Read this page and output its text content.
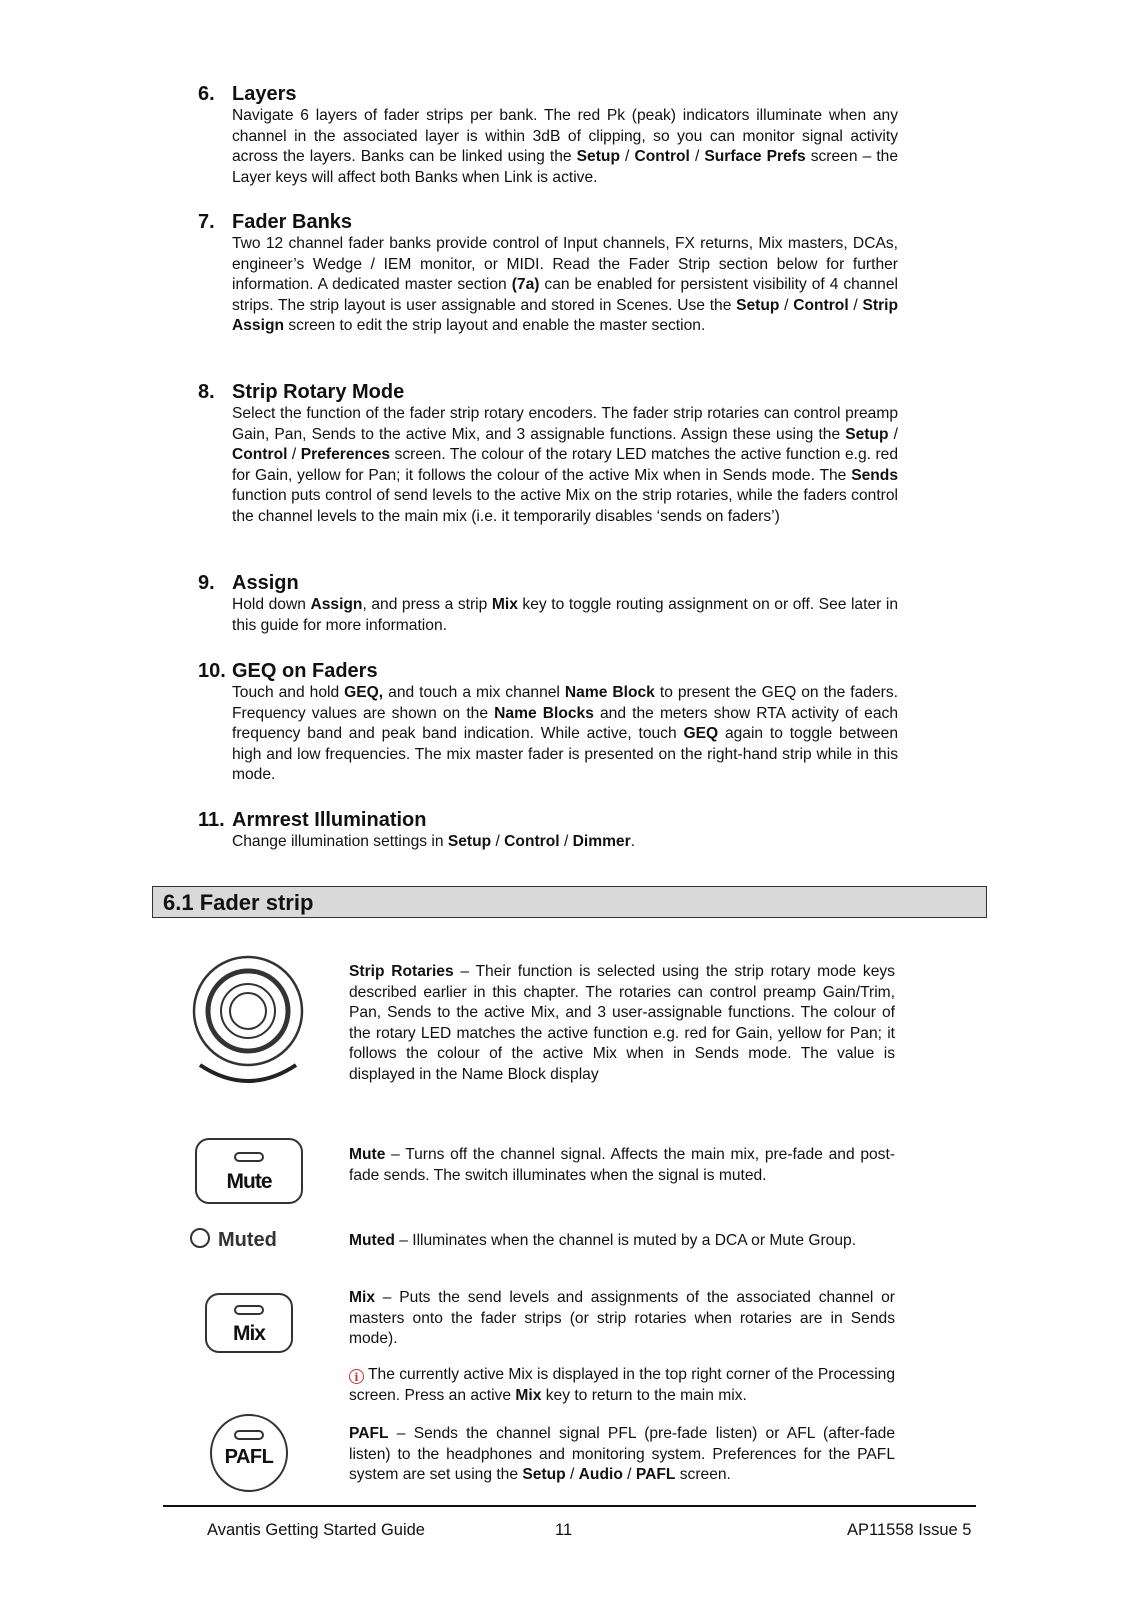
6. Layers
Navigate 6 layers of fader strips per bank. The red Pk (peak) indicators illuminate when any channel in the associated layer is within 3dB of clipping, so you can monitor signal activity across the layers. Banks can be linked using the Setup / Control / Surface Prefs screen – the Layer keys will affect both Banks when Link is active.
7. Fader Banks
Two 12 channel fader banks provide control of Input channels, FX returns, Mix masters, DCAs, engineer’s Wedge / IEM monitor, or MIDI. Read the Fader Strip section below for further information. A dedicated master section (7a) can be enabled for persistent visibility of 4 channel strips. The strip layout is user assignable and stored in Scenes. Use the Setup / Control / Strip Assign screen to edit the strip layout and enable the master section.
8. Strip Rotary Mode
Select the function of the fader strip rotary encoders. The fader strip rotaries can control preamp Gain, Pan, Sends to the active Mix, and 3 assignable functions. Assign these using the Setup / Control / Preferences screen. The colour of the rotary LED matches the active function e.g. red for Gain, yellow for Pan; it follows the colour of the active Mix when in Sends mode. The Sends function puts control of send levels to the active Mix on the strip rotaries, while the faders control the channel levels to the main mix (i.e. it temporarily disables ‘sends on faders’)
9. Assign
Hold down Assign, and press a strip Mix key to toggle routing assignment on or off. See later in this guide for more information.
10. GEQ on Faders
Touch and hold GEQ, and touch a mix channel Name Block to present the GEQ on the faders. Frequency values are shown on the Name Blocks and the meters show RTA activity of each frequency band and peak band indication. While active, touch GEQ again to toggle between high and low frequencies. The mix master fader is presented on the right-hand strip while in this mode.
11. Armrest Illumination
Change illumination settings in Setup / Control / Dimmer.
6.1 Fader strip
Strip Rotaries – Their function is selected using the strip rotary mode keys described earlier in this chapter. The rotaries can control preamp Gain/Trim, Pan, Sends to the active Mix, and 3 user-assignable functions. The colour of the rotary LED matches the active function e.g. red for Gain, yellow for Pan; it follows the colour of the active Mix when in Sends mode. The value is displayed in the Name Block display
Mute
Mute – Turns off the channel signal. Affects the main mix, pre-fade and post-fade sends. The switch illuminates when the signal is muted.
Muted	Muted – Illuminates when the channel is muted by a DCA or Mute Group.
Mix
Mix – Puts the send levels and assignments of the associated channel or masters onto the fader strips (or strip rotaries when rotaries are in Sends mode).
i The currently active Mix is displayed in the top right corner of the Processing screen. Press an active Mix key to return to the main mix.
PAFL
PAFL – Sends the channel signal PFL (pre-fade listen) or AFL (after-fade listen) to the headphones and monitoring system. Preferences for the PAFL system are set using the Setup / Audio / PAFL screen.
Avantis Getting Started Guide	11	AP11558 Issue 5
